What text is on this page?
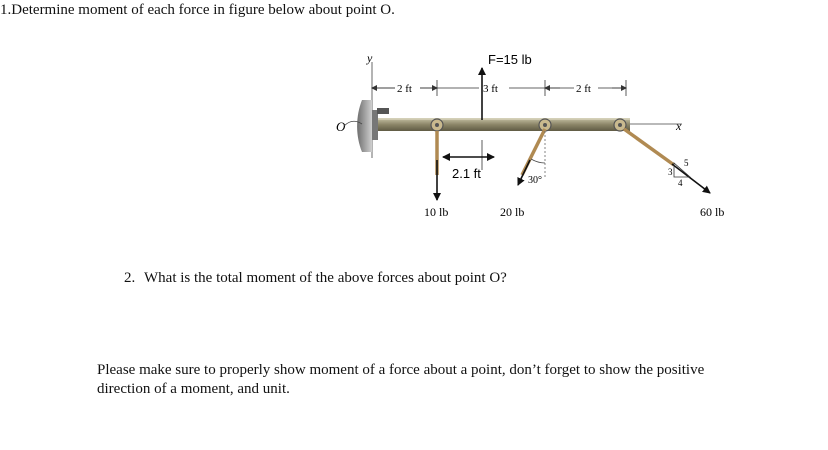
1.Determine moment of each force in figure below about point O.
y
O	x
2 ft	3 ft	2 ft
F=15 lb
10 lb
2.1 ft	30°
20 lb
3
4
5
60 lb
2. What is the total moment of the above forces about point O?
Please make sure to properly show moment of a force about a point, don’t forget to show the positive direction of a moment, and unit.
